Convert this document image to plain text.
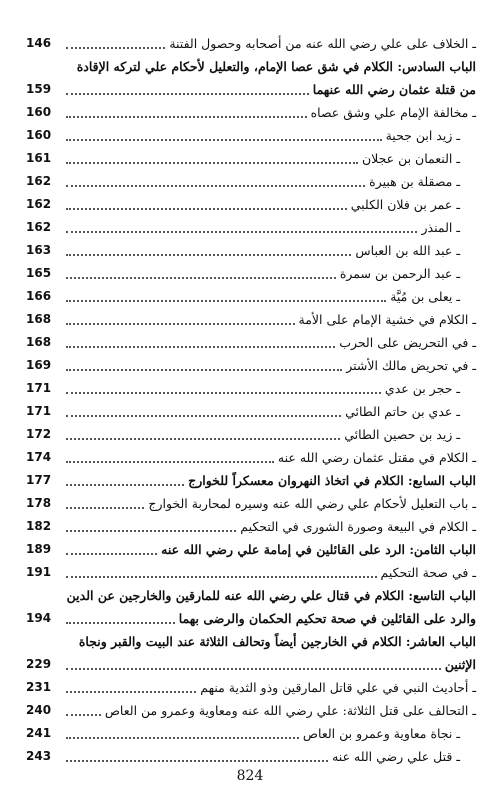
ـ الخلاف على علي رضي الله عنه من أصحابه وحصول الفتنة
146
الباب السادس: الكلام في شق عصا الإمام، والتعليل لأحكام علي لتركه الإقادة
من قتلة عثمان رضي الله عنهما
159
ـ مخالفة الإمام علي وشق عصاه
160
ـ زيد ابن جحية
160
ـ النعمان بن عجلان
161
ـ مصقلة بن هبيرة
162
ـ عمر بن فلان الكلبي
162
ـ المنذر
162
ـ عبد الله بن العباس
163
ـ عبد الرحمن بن سمرة
165
ـ يعلى بن مُيَّة
166
ـ الكلام في خشية الإمام على الأمة
168
ـ في التحريض على الحرب
168
ـ في تحريض مالك الأشتر
169
ـ حجر بن عدي
171
ـ عدي بن حاتم الطائي
171
ـ زيد بن حصين الطائي
172
ـ الكلام في مقتل عثمان رضي الله عنه
174
الباب السابع: الكلام في اتخاذ النهروان معسكراً للخوارج
177
ـ باب التعليل لأحكام علي رضي الله عنه وسيره لمحاربة الخوارج
178
ـ الكلام في البيعة وصورة الشورى في التحكيم
182
الباب الثامن: الرد على القائلين في إمامة علي رضي الله عنه
189
ـ في صحة التحكيم
191
الباب التاسع: الكلام في قتال علي رضي الله عنه للمارقين والخارجين عن الدين
والرد على القائلين في صحة تحكيم الحكمان والرضى بهما
194
الباب العاشر: الكلام في الخارجين أيضاً وتحالف الثلاثة عند البيت والقبر ونجاة
الإثنين
229
ـ أحاديث النبي في علي قاتل المارقين وذو الثدية منهم
231
ـ التحالف على قتل الثلاثة: علي رضي الله عنه ومعاوية وعمرو من العاص
240
ـ نجاة معاوية وعمرو بن العاص
241
ـ قتل علي رضي الله عنه
243
824
